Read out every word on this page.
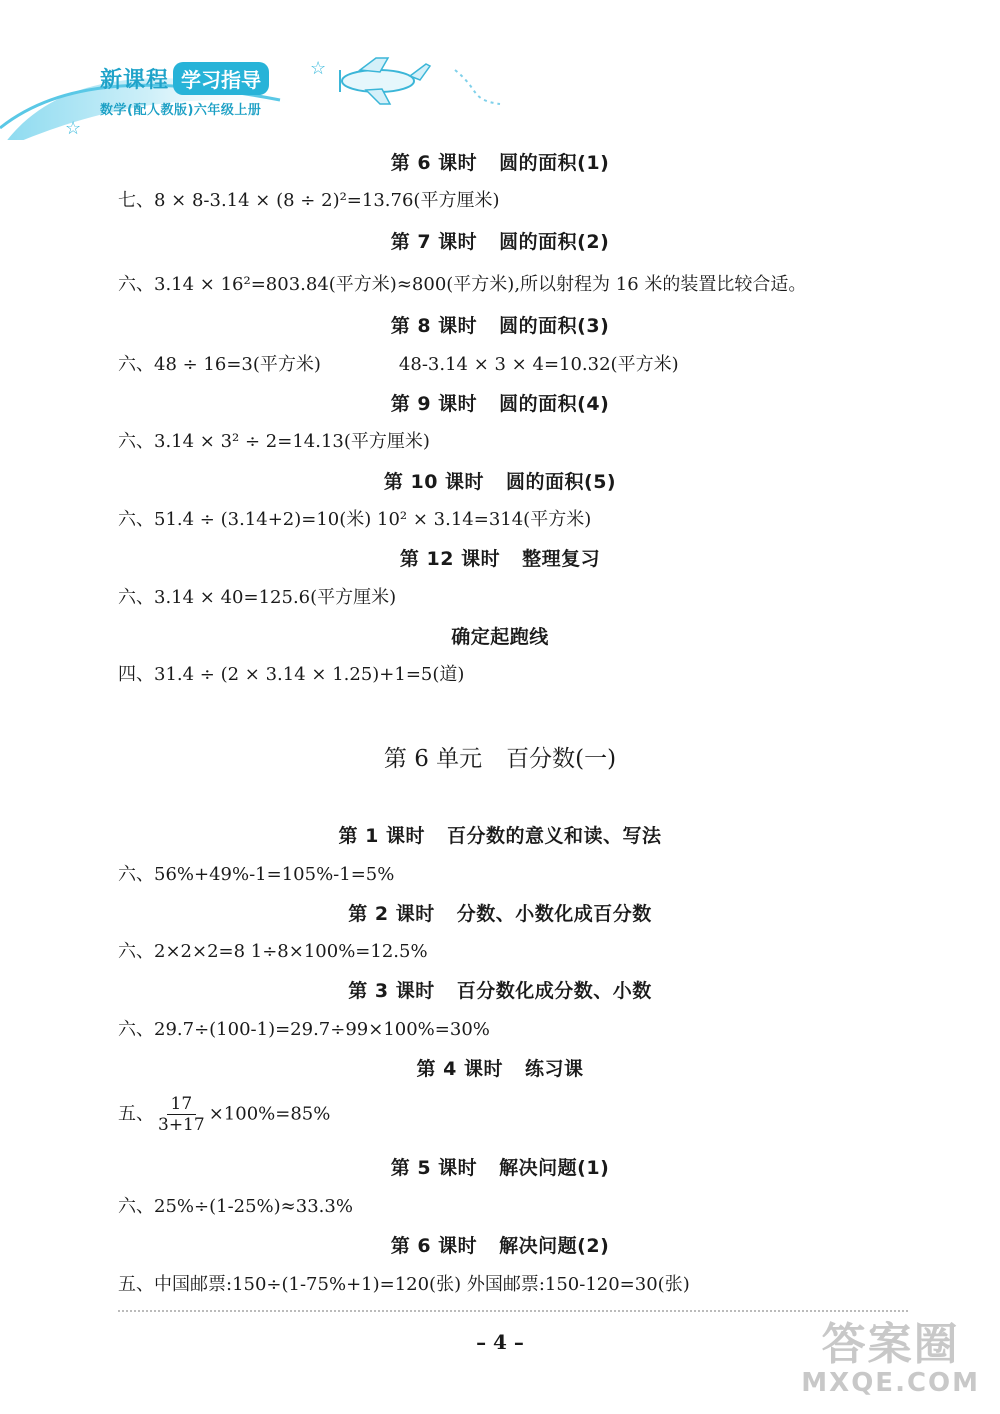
新课程 学习指导
数学(配人教版)六年级上册
☆
☆
第 6 课时 圆的面积(1)
七、8 × 8-3.14 × (8 ÷ 2)²=13.76(平方厘米)
第 7 课时 圆的面积(2)
六、3.14 × 16²=803.84(平方米)≈800(平方米),所以射程为 16 米的装置比较合适。
第 8 课时 圆的面积(3)
六、48 ÷ 16=3(平方米)	48-3.14 × 3 × 4=10.32(平方米)
第 9 课时 圆的面积(4)
六、3.14 × 3² ÷ 2=14.13(平方厘米)
第 10 课时 圆的面积(5)
六、51.4 ÷ (3.14+2)=10(米) 10² × 3.14=314(平方米)
第 12 课时 整理复习
六、3.14 × 40=125.6(平方厘米)
确定起跑线
四、31.4 ÷ (2 × 3.14 × 1.25)+1=5(道)
第 6 单元 百分数(一)
第 1 课时 百分数的意义和读、写法
六、56%+49%-1=105%-1=5%
第 2 课时 分数、小数化成百分数
六、2×2×2=8 1÷8×100%=12.5%
第 3 课时 百分数化成分数、小数
六、29.7÷(100-1)=29.7÷99×100%=30%
第 4 课时 练习课
五、 $\frac{17}{3+17} \times 100\%=85\%$
第 5 课时 解决问题(1)
六、25%÷(1-25%)≈33.3%
第 6 课时 解决问题(2)
五、中国邮票:150÷(1-75%+1)=120(张) 外国邮票:150-120=30(张)
– 4 –	答案圈
MXQE.COM
